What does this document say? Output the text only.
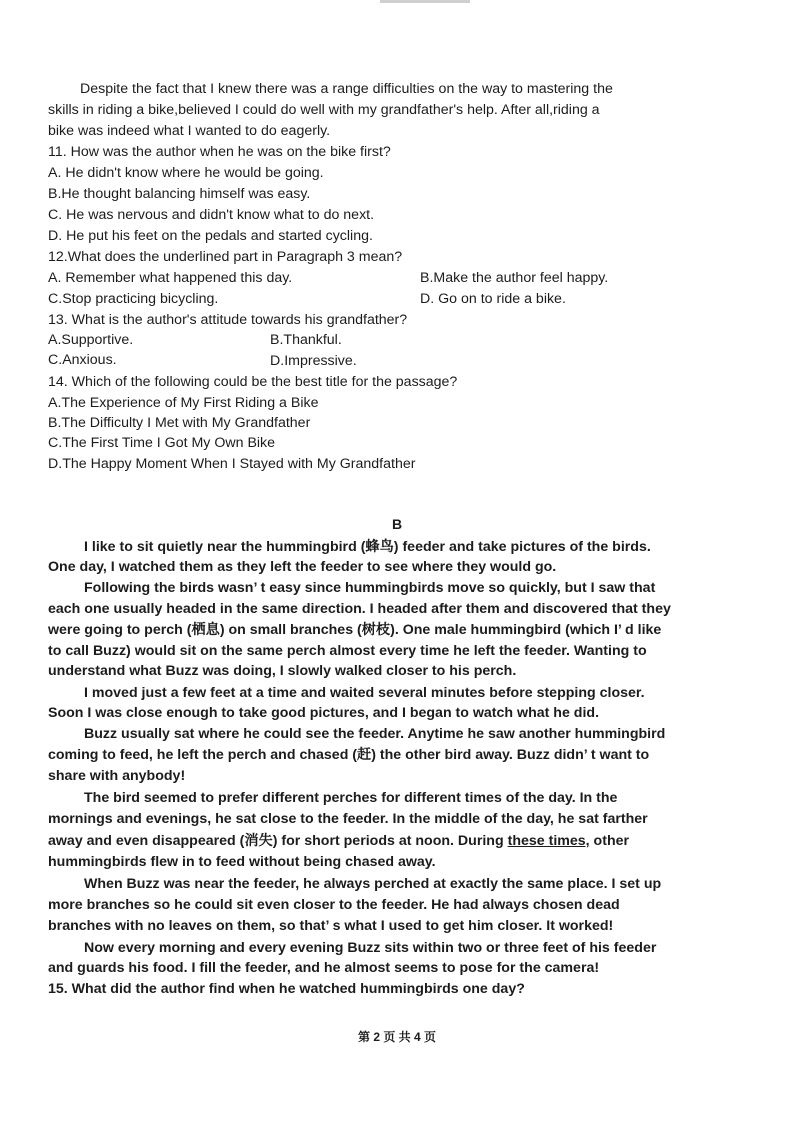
Despite the fact that I knew there was a range difficulties on the way to mastering the
skills in riding a bike,believed I could do well with my grandfather's help. After all,riding a
bike was indeed what I wanted to do eagerly.
11. How was the author when he was on the bike first?
A. He didn't know where he would be going.
B.He thought balancing himself was easy.
C. He was nervous and didn't know what to do next.
D. He put his feet on the pedals and started cycling.
12.What does the underlined part in Paragraph 3 mean?
A. Remember what happened this day.	B.Make the author feel happy.
C.Stop practicing bicycling.	D. Go on to ride a bike.
13. What is the author's attitude towards his grandfather?
A.Supportive.	B.Thankful.
C.Anxious.	D.Impressive.
14. Which of the following could be the best title for the passage?
A.The Experience of My First Riding a Bike
B.The Difficulty I Met with My Grandfather
C.The First Time I Got My Own Bike
D.The Happy Moment When I Stayed with My Grandfather
B
I like to sit quietly near the hummingbird (蜂鸟) feeder and take pictures of the birds.
One day, I watched them as they left the feeder to see where they would go.
Following the birds wasn’ t easy since hummingbirds move so quickly, but I saw that
each one usually headed in the same direction. I headed after them and discovered that they
were going to perch (栖息) on small branches (树枝). One male hummingbird (which I’ d like
to call Buzz) would sit on the same perch almost every time he left the feeder. Wanting to
understand what Buzz was doing, I slowly walked closer to his perch.
I moved just a few feet at a time and waited several minutes before stepping closer.
Soon I was close enough to take good pictures, and I began to watch what he did.
Buzz usually sat where he could see the feeder. Anytime he saw another hummingbird
coming to feed, he left the perch and chased (赶) the other bird away. Buzz didn’ t want to
share with anybody!
The bird seemed to prefer different perches for different times of the day. In the
mornings and evenings, he sat close to the feeder. In the middle of the day, he sat farther
away and even disappeared (消失) for short periods at noon. During these times, other
hummingbirds flew in to feed without being chased away.
When Buzz was near the feeder, he always perched at exactly the same place. I set up
more branches so he could sit even closer to the feeder. He had always chosen dead
branches with no leaves on them, so that’ s what I used to get him closer. It worked!
Now every morning and every evening Buzz sits within two or three feet of his feeder
and guards his food. I fill the feeder, and he almost seems to pose for the camera!
15. What did the author find when he watched hummingbirds one day?
第 2 页 共 4 页
